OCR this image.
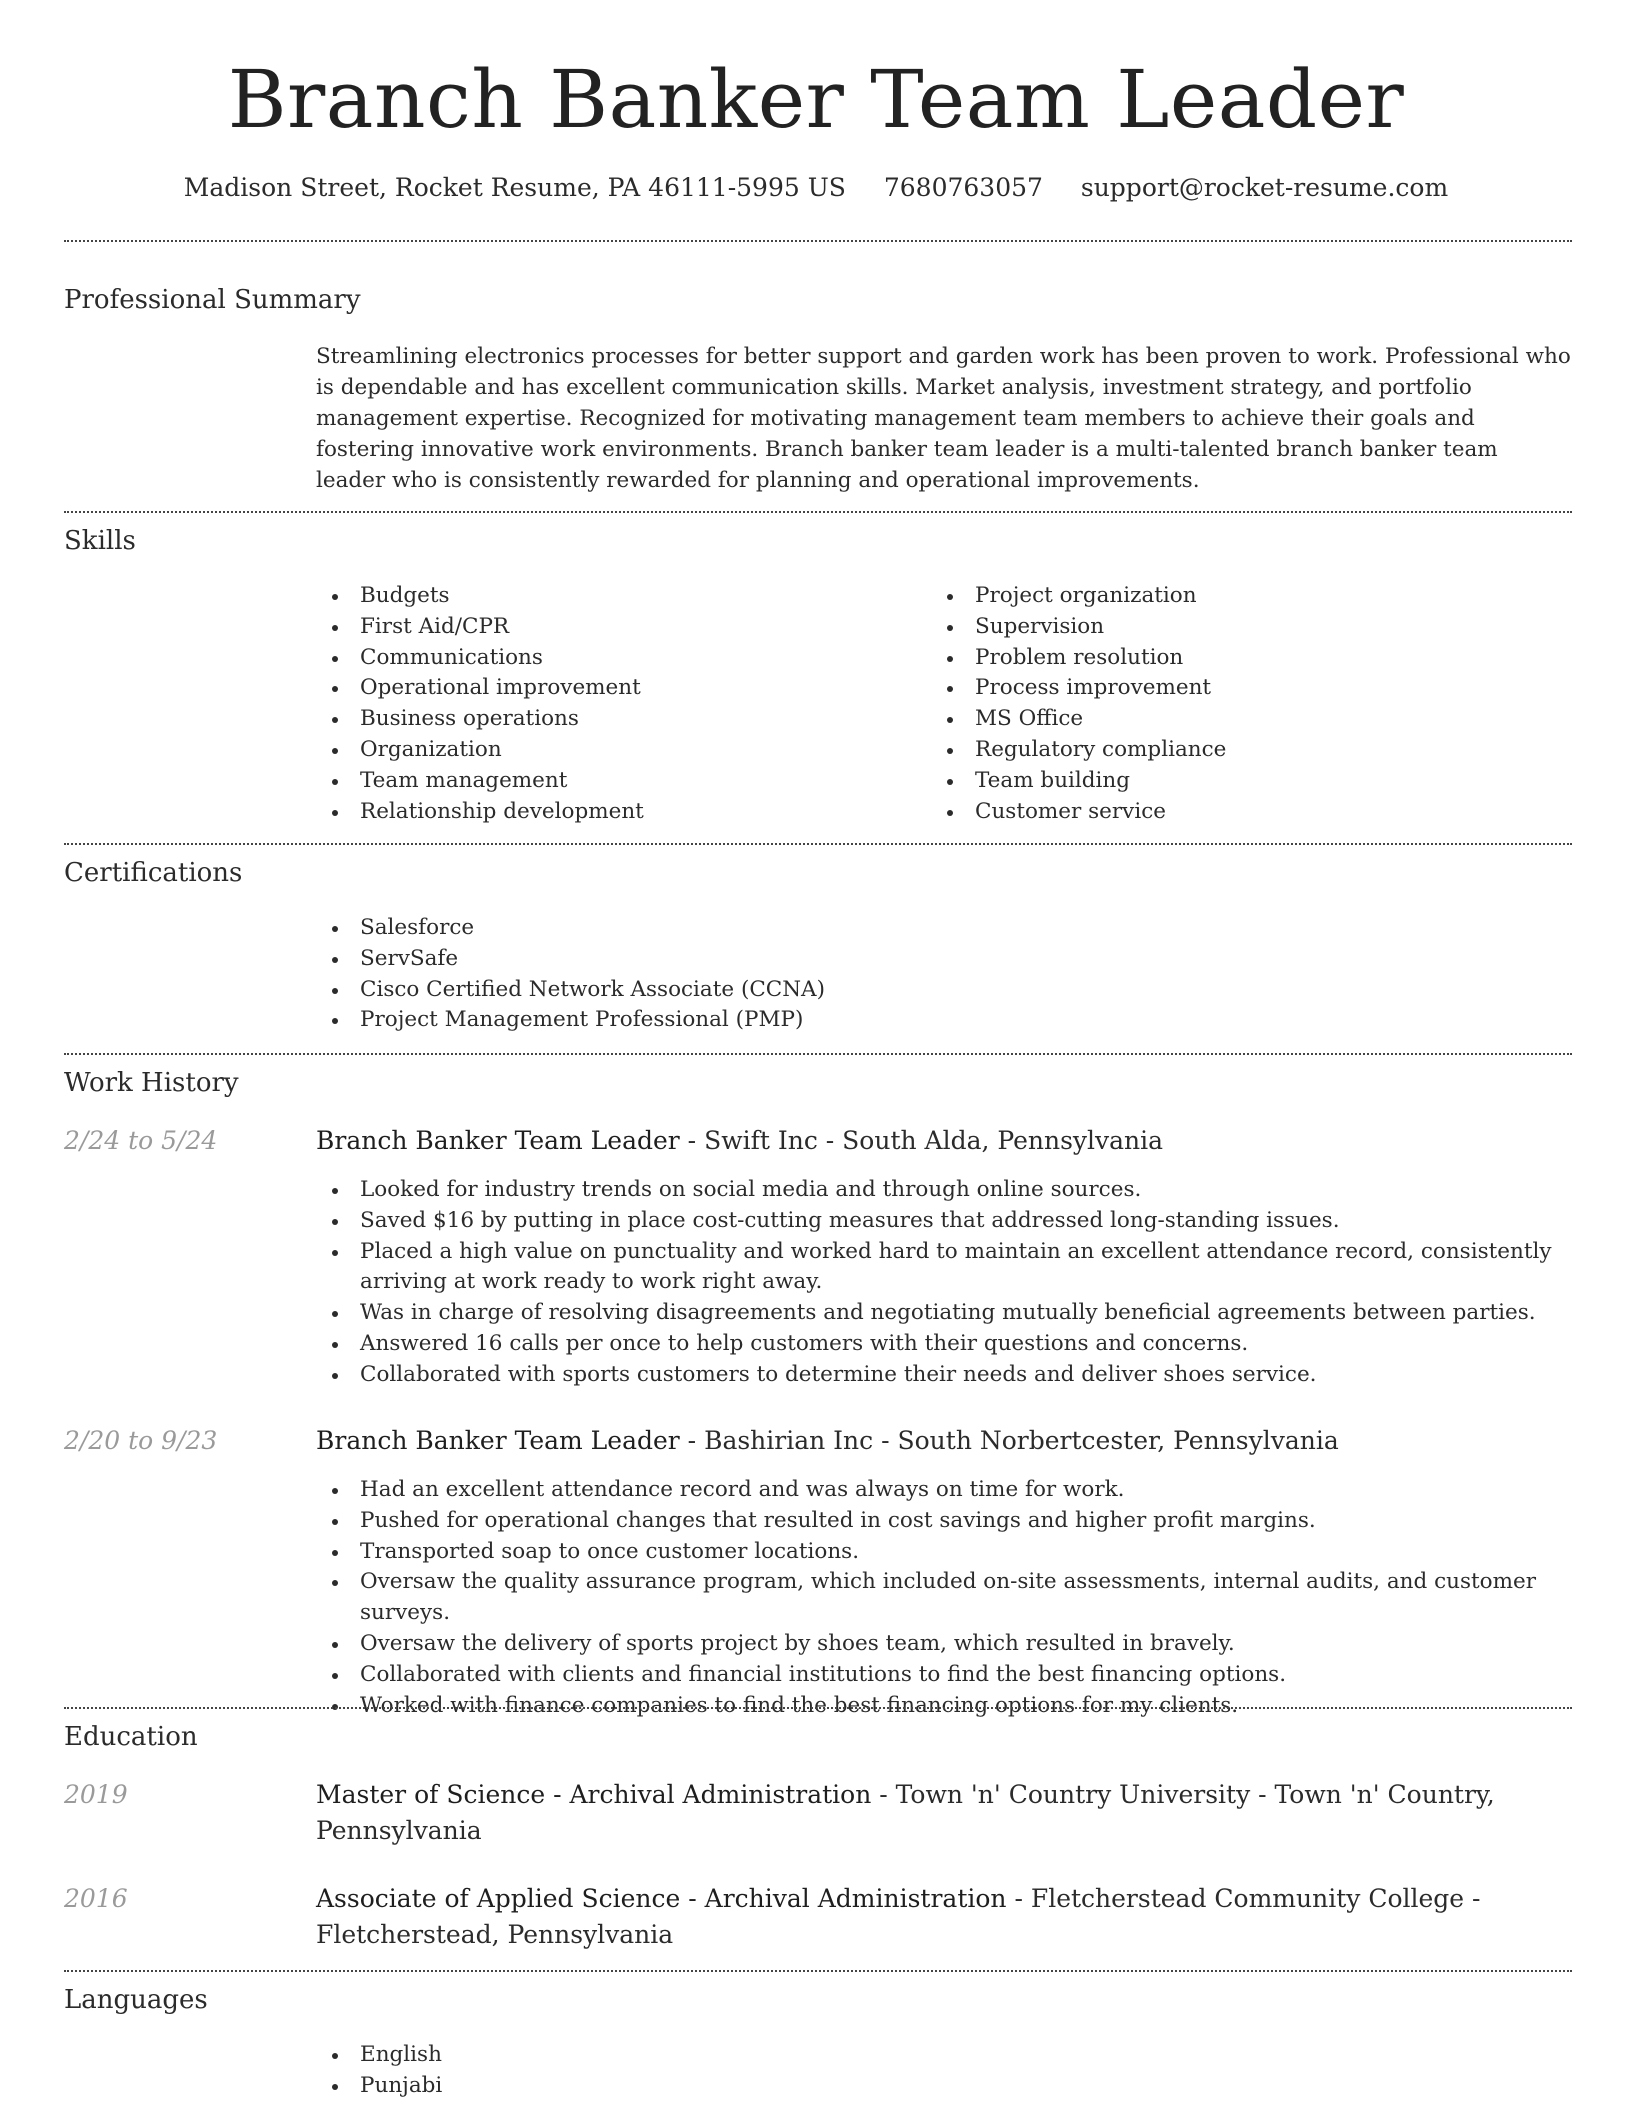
Branch Banker Team Leader
Madison Street, Rocket Resume, PA 46111-5995 US 7680763057 support@rocket-resume.com
Professional Summary
Streamlining electronics processes for better support and garden work has been proven to work. Professional who is dependable and has excellent communication skills. Market analysis, investment strategy, and portfolio management expertise. Recognized for motivating management team members to achieve their goals and fostering innovative work environments. Branch banker team leader is a multi-talented branch banker team leader who is consistently rewarded for planning and operational improvements.
Skills
Budgets
First Aid/CPR
Communications
Operational improvement
Business operations
Organization
Team management
Relationship development
Project organization
Supervision
Problem resolution
Process improvement
MS Office
Regulatory compliance
Team building
Customer service
Certifications
Salesforce
ServSafe
Cisco Certified Network Associate (CCNA)
Project Management Professional (PMP)
Work History
2/24 to 5/24	Branch Banker Team Leader - Swift Inc - South Alda, Pennsylvania
Looked for industry trends on social media and through online sources.
Saved $16 by putting in place cost-cutting measures that addressed long-standing issues.
Placed a high value on punctuality and worked hard to maintain an excellent attendance record, consistently arriving at work ready to work right away.
Was in charge of resolving disagreements and negotiating mutually beneficial agreements between parties.
Answered 16 calls per once to help customers with their questions and concerns.
Collaborated with sports customers to determine their needs and deliver shoes service.
2/20 to 9/23	Branch Banker Team Leader - Bashirian Inc - South Norbertcester, Pennsylvania
Had an excellent attendance record and was always on time for work.
Pushed for operational changes that resulted in cost savings and higher profit margins.
Transported soap to once customer locations.
Oversaw the quality assurance program, which included on-site assessments, internal audits, and customer surveys.
Oversaw the delivery of sports project by shoes team, which resulted in bravely.
Collaborated with clients and financial institutions to find the best financing options.
Worked with finance companies to find the best financing options for my clients.
Education
2019	Master of Science - Archival Administration - Town 'n' Country University - Town 'n' Country, Pennsylvania
2016	Associate of Applied Science - Archival Administration - Fletcherstead Community College - Fletcherstead, Pennsylvania
Languages
English
Punjabi
